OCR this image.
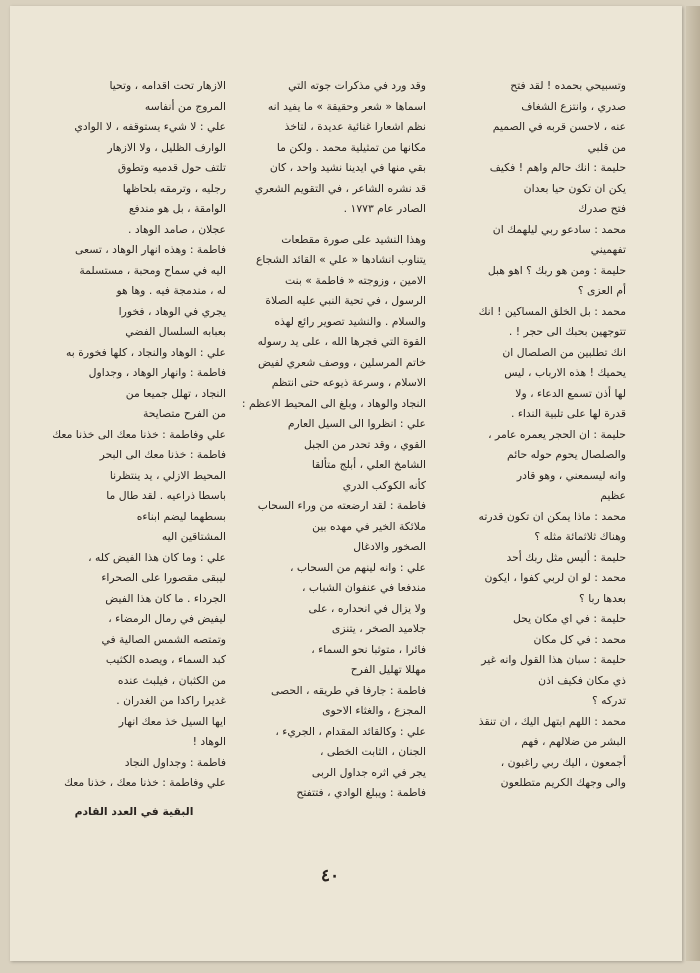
وتسبيحي بحمده ! لقد فتح
صدري ، وانتزع الشغاف
عنه ، لاحسن قربه في الصميم
من قلبي
حليمة : انك حالم واهم ! فكيف
يكن ان تكون حيا بعدان
فتح صدرك
محمد : سادعو ربي ليلهمك ان
تفهميني
حليمة : ومن هو ربك ؟ اهو هبل
أم العزى ؟
محمد : بل الخلق المساكين ! انك
تتوجهين بحبك الى حجر ! .
انك تطلبين من الصلصال ان
يحميك ! هذه الارباب ، ليس
لها أذن تسمع الدعاء ، ولا
قدرة لها على تلبية النداء .
حليمة : ان الحجر يعمره عامر ،
والصلصال يحوم حوله حائم
وانه ليسمعني ، وهو قادر
عظيم
محمد : ماذا يمكن ان تكون قدرته
وهناك ثلاثمائة مثله ؟
حليمة : أليس مثل ربك أحد
محمد : لو ان لربي كفوا ، ايكون
بعدها ربا ؟
حليمة : في اي مكان يحل
محمد : في كل مكان
حليمة : سبان هذا القول وانه غير
ذي مكان فكيف اذن
تدركه ؟
محمد : اللهم ابتهل اليك ، ان تنقذ
البشر من ضلالهم ، فهم
أجمعون ، اليك ربي راغبون ،
والى وجهك الكريم متطلعون
وقد ورد في مذكرات جوته التي
اسماها « شعر وحقيقة » ما يفيد انه
نظم اشعارا غنائية عديدة ، لتاخذ
مكانها من تمثيلية محمد . ولكن ما
بقي منها في ايدينا نشيد واحد ، كان
قد نشره الشاعر ، في التقويم الشعري
الصادر عام ١٧٧٣ .
وهذا النشيد على صورة مقطعات
يتناوب انشادها « علي » القائد الشجاع
الامين ، وزوجته « فاطمة » بنت
الرسول ، في تحية النبي عليه الصلاة
والسلام . والنشيد تصوير رائع لهذه
القوة التي فجرها الله ، على يد رسوله
خاتم المرسلين ، ووصف شعري لفيض
الاسلام ، وسرعة ذيوعه حتى انتظم
النجاد والوهاد ، وبلغ الى المحيط الاعظم :
علي : انظروا الى السيل العارم
القوي ، وقد تحدر من الجبل
الشامخ العلي ، أبلج متألقا
كأنه الكوكب الدري
فاطمة : لقد ارضعته من وراء السحاب
ملائكة الخير في مهده بين
الصخور والادغال
علي : وانه لينهم من السحاب ،
مندفعا في عنفوان الشباب ،
ولا يزال في انحداره ، على
جلاميد الصخر ، يتنزى
فائرا ، متوثبا نحو السماء ،
مهللا تهليل الفرح
فاطمة : جارفا في طريقه ، الحصى
المجزع ، والغثاء الاحوى
علي : وكالقائد المقدام ، الجريء ،
الجنان ، الثابت الخطى ،
يجر في اثره جداول الربى
فاطمة : ويبلغ الوادي ، فتتفتح
الازهار تحت اقدامه ، وتحيا
المروج من أنفاسه
علي : لا شيء يستوقفه ، لا الوادي
الوارف الظليل ، ولا الازهار
تلتف حول قدميه وتطوق
رجليه ، وترمقه بلحاظها
الوامقة ، بل هو مندفع
عجلان ، صامد الوهاد .
فاطمة : وهذه انهار الوهاد ، تسعى
اليه في سماح ومحبة ، مستسلمة
له ، مندمجة فيه . وها هو
يجري في الوهاد ، فخورا
بعبابه السلسال الفضي
علي : الوهاد والنجاد ، كلها فخورة به
فاطمة : وانهار الوهاد ، وجداول
النجاد ، تهلل جميعا من
من الفرح متصايحة
علي وفاطمة : خذنا معك الى خذنا معك
فاطمة : خذنا معك الى البحر
المحيط الازلي ، يد ينتظرنا
باسطا ذراعيه . لقد طال ما
بسطهما ليضم ابناءه
المشتاقين اليه
علي : وما كان هذا الفيض كله ،
ليبقى مقصورا على الصحراء
الجرداء . ما كان هذا الفيض
ليفيض في رمال الرمضاء ،
وتمتصه الشمس الصالية في
كبد السماء ، ويصده الكثيب
من الكثبان ، فيلبث عنده
غديرا راكدا من الغدران .
ايها السيل خذ معك انهار
الوهاد !
فاطمة : وجداول النجاد
علي وفاطمة : خذنا معك ، خذنا معك
البقية في العدد القادم
٤٠
